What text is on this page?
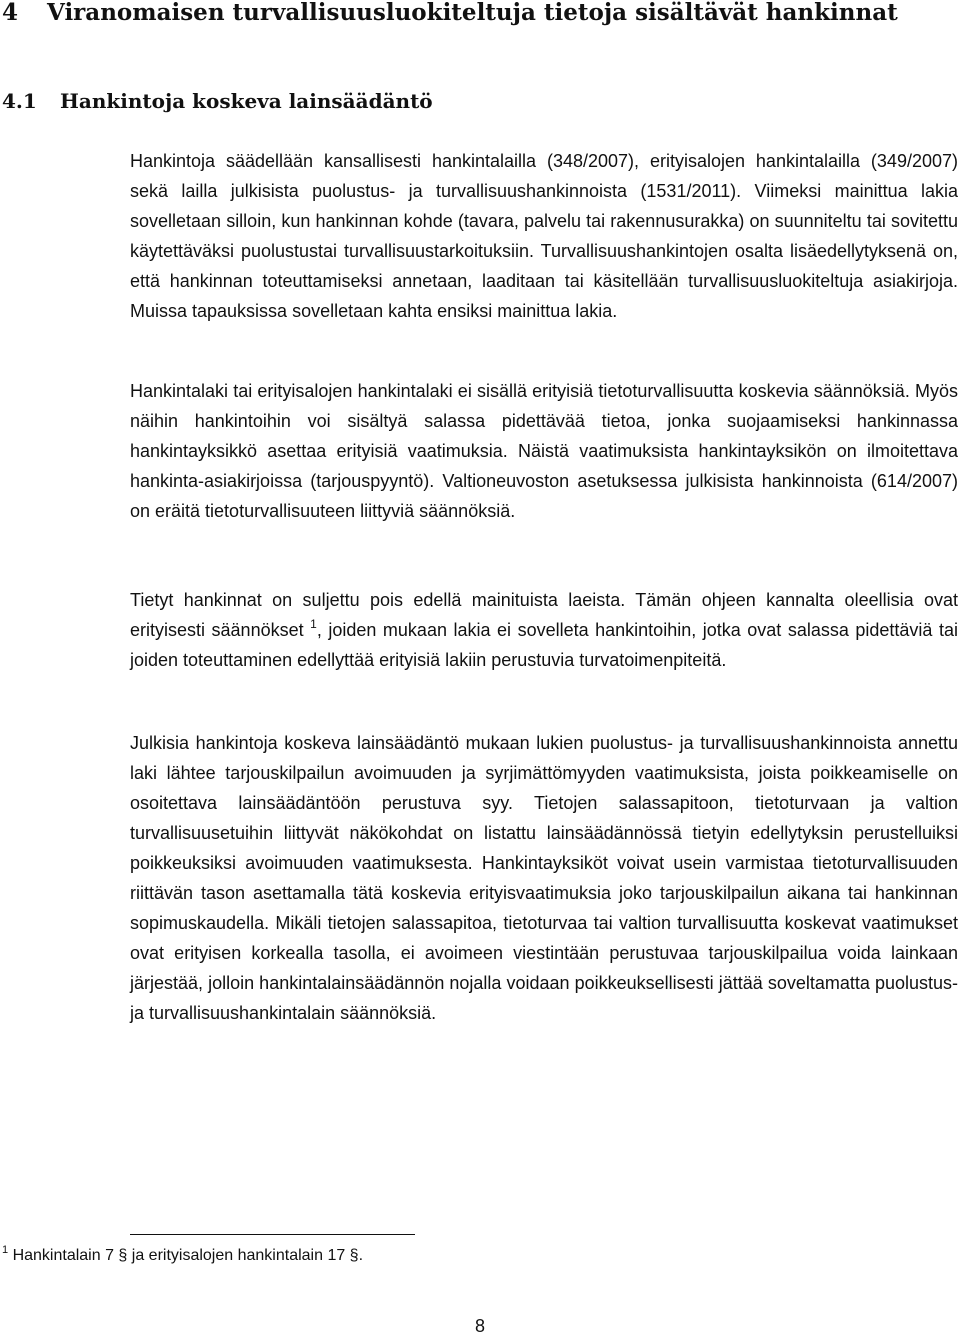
4 Viranomaisen turvallisuusluokiteltuja tietoja sisältävät hankinnat
4.1 Hankintoja koskeva lainsäädäntö

Hankintoja säädellään kansallisesti hankintalailla (348/2007), erityisalojen hankintalailla (349/2007) sekä lailla julkisista puolustus- ja turvallisuushankinnoista (1531/2011). Viimeksi mainittua lakia sovelletaan silloin, kun hankinnan kohde (tavara, palvelu tai rakennusurakka) on suunniteltu tai sovitettu käytettäväksi puolustustai turvallisuustarkoituksiin. Turvallisuushankintojen osalta lisäedellytyksenä on, että hankinnan toteuttamiseksi annetaan, laaditaan tai käsitellään turvallisuusluokiteltuja asiakirjoja. Muissa tapauksissa sovelletaan kahta ensiksi mainittua lakia.

Hankintalaki tai erityisalojen hankintalaki ei sisällä erityisiä tietoturvallisuutta koskevia säännöksiä. Myös näihin hankintoihin voi sisältyä salassa pidettävää tietoa, jonka suojaamiseksi hankinnassa hankintayksikkö asettaa erityisiä vaatimuksia. Näistä vaatimuksista hankintayksikön on ilmoitettava hankinta-asiakirjoissa (tarjouspyyntö). Valtioneuvoston asetuksessa julkisista hankinnoista (614/2007) on eräitä tietoturvallisuuteen liittyviä säännöksiä.

Tietyt hankinnat on suljettu pois edellä mainituista laeista. Tämän ohjeen kannalta oleellisia ovat erityisesti säännökset $^1$, joiden mukaan lakia ei sovelleta hankintoihin, jotka ovat salassa pidettäviä tai joiden toteuttaminen edellyttää erityisiä lakiin perustuvia turvatoimenpiteitä.

Julkisia hankintoja koskeva lainsäädäntö mukaan lukien puolustus- ja turvallisuushankinnoista annettu laki lähtee tarjouskilpailun avoimuuden ja syrjimättömyyden vaatimuksista, joista poikkeamiselle on osoitettava lainsäädäntöön perustuva syy. Tietojen salassapitoon, tietoturvaan ja valtion turvallisuusetuihin liittyvät näkökohdat on listattu lainsäädännössä tietyin edellytyksin perustelluiksi poikkeuksiksi avoimuuden vaatimuksesta. Hankintayksiköt voivat usein varmistaa tietoturvallisuuden riittävän tason asettamalla tätä koskevia erityisvaatimuksia joko tarjouskilpailun aikana tai hankinnan sopimuskaudella. Mikäli tietojen salassapitoa, tietoturvaa tai valtion turvallisuutta koskevat vaatimukset ovat erityisen korkealla tasolla, ei avoimeen viestintään perustuvaa tarjouskilpailua voida lainkaan järjestää, jolloin hankintalainsäädännön nojalla voidaan poikkeuksellisesti jättää soveltamatta puolustus- ja turvallisuushankintalain säännöksiä.

$^1$ Hankintalain 7 § ja erityisalojen hankintalain 17 §.
8
